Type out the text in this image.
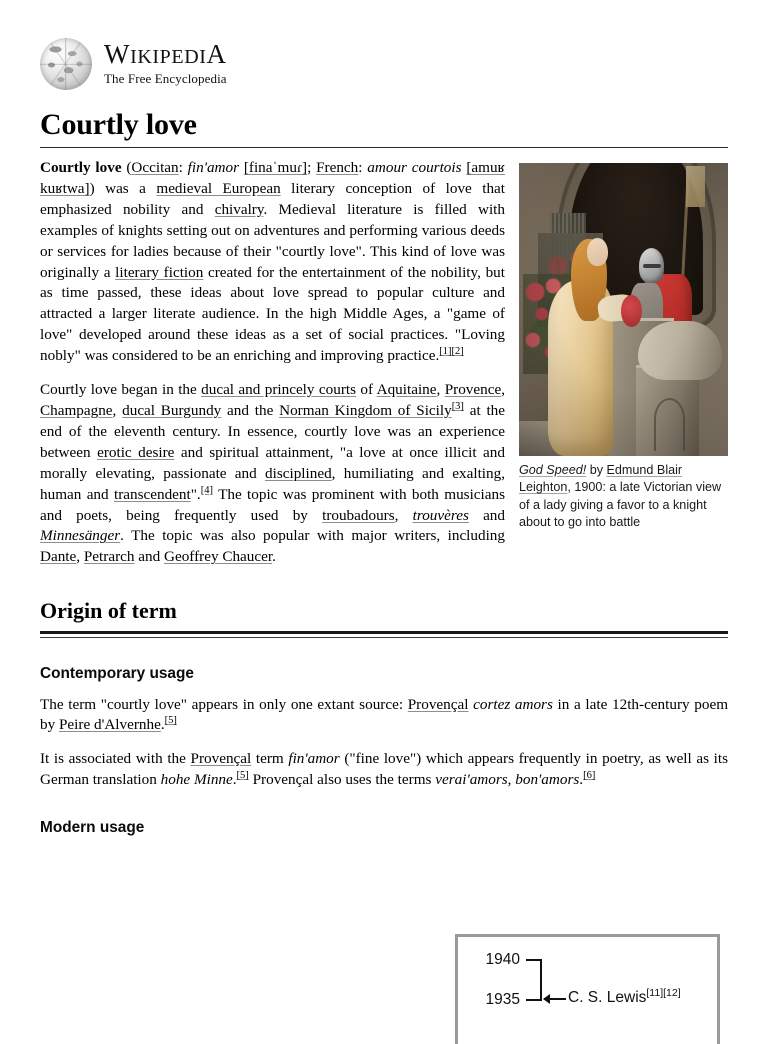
WIKIPEDIA
The Free Encyclopedia
Courtly love
God Speed! by Edmund Blair Leighton, 1900: a late Victorian view of a lady giving a favor to a knight about to go into battle

Courtly love (Occitan: fin'amor [finaˈmuɾ]; French: amour courtois [amuʁ kuʁtwa]) was a medieval European literary conception of love that emphasized nobility and chivalry. Medieval literature is filled with examples of knights setting out on adventures and performing various deeds or services for ladies because of their "courtly love". This kind of love was originally a literary fiction created for the entertainment of the nobility, but as time passed, these ideas about love spread to popular culture and attracted a larger literate audience. In the high Middle Ages, a "game of love" developed around these ideas as a set of social practices. "Loving nobly" was considered to be an enriching and improving practice.[1][2]

Courtly love began in the ducal and princely courts of Aquitaine, Provence, Champagne, ducal Burgundy and the Norman Kingdom of Sicily[3] at the end of the eleventh century. In essence, courtly love was an experience between erotic desire and spiritual attainment, "a love at once illicit and morally elevating, passionate and disciplined, humiliating and exalting, human and transcendent".[4] The topic was prominent with both musicians and poets, being frequently used by troubadours, trouvères and Minnesänger. The topic was also popular with major writers, including Dante, Petrarch and Geoffrey Chaucer.

Origin of term
Contemporary usage

The term "courtly love" appears in only one extant source: Provençal cortez amors in a late 12th-century poem by Peire d'Alvernhe.[5]

It is associated with the Provençal term fin'amor ("fine love") which appears frequently in poetry, as well as its German translation hohe Minne.[5] Provençal also uses the terms verai'amors, bon'amors.[6]

Modern usage
1940
1935	C. S. Lewis[11][12]
